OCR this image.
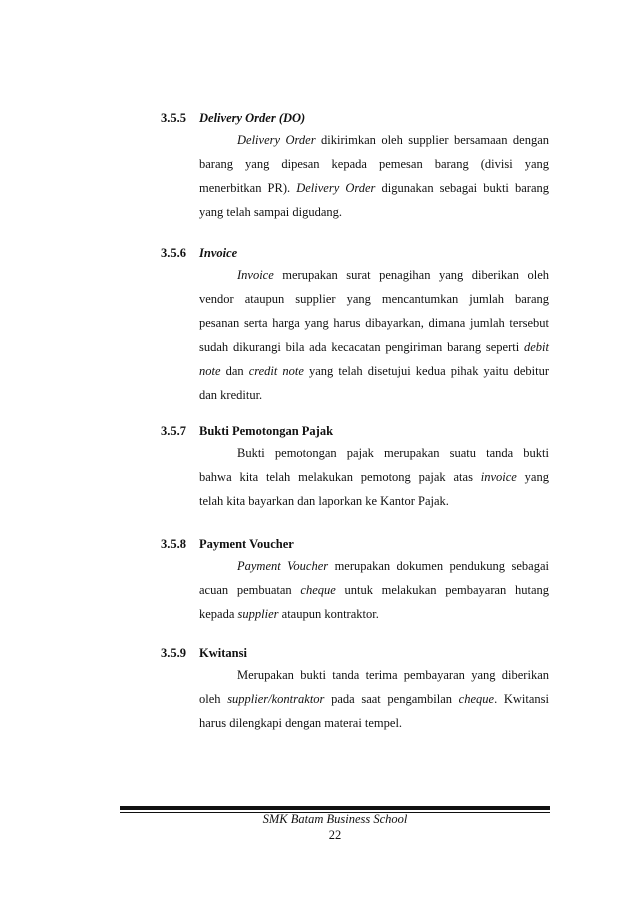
3.5.5 Delivery Order (DO)
Delivery Order dikirimkan oleh supplier bersamaan dengan
barang yang dipesan kepada pemesan barang (divisi yang
menerbitkan PR). Delivery Order digunakan sebagai bukti barang
yang telah sampai digudang.
3.5.6 Invoice
Invoice merupakan surat penagihan yang diberikan oleh
vendor ataupun supplier yang mencantumkan jumlah barang
pesanan serta harga yang harus dibayarkan, dimana jumlah tersebut
sudah dikurangi bila ada kecacatan pengiriman barang seperti debit
note dan credit note yang telah disetujui kedua pihak yaitu debitur
dan kreditur.
3.5.7 Bukti Pemotongan Pajak
Bukti pemotongan pajak merupakan suatu tanda bukti
bahwa kita telah melakukan pemotong pajak atas invoice yang
telah kita bayarkan dan laporkan ke Kantor Pajak.
3.5.8 Payment Voucher
Payment Voucher merupakan dokumen pendukung sebagai
acuan pembuatan cheque untuk melakukan pembayaran hutang
kepada supplier ataupun kontraktor.
3.5.9 Kwitansi
Merupakan bukti tanda terima pembayaran yang diberikan
oleh supplier/kontraktor pada saat pengambilan cheque. Kwitansi
harus dilengkapi dengan materai tempel.
SMK Batam Business School
22
